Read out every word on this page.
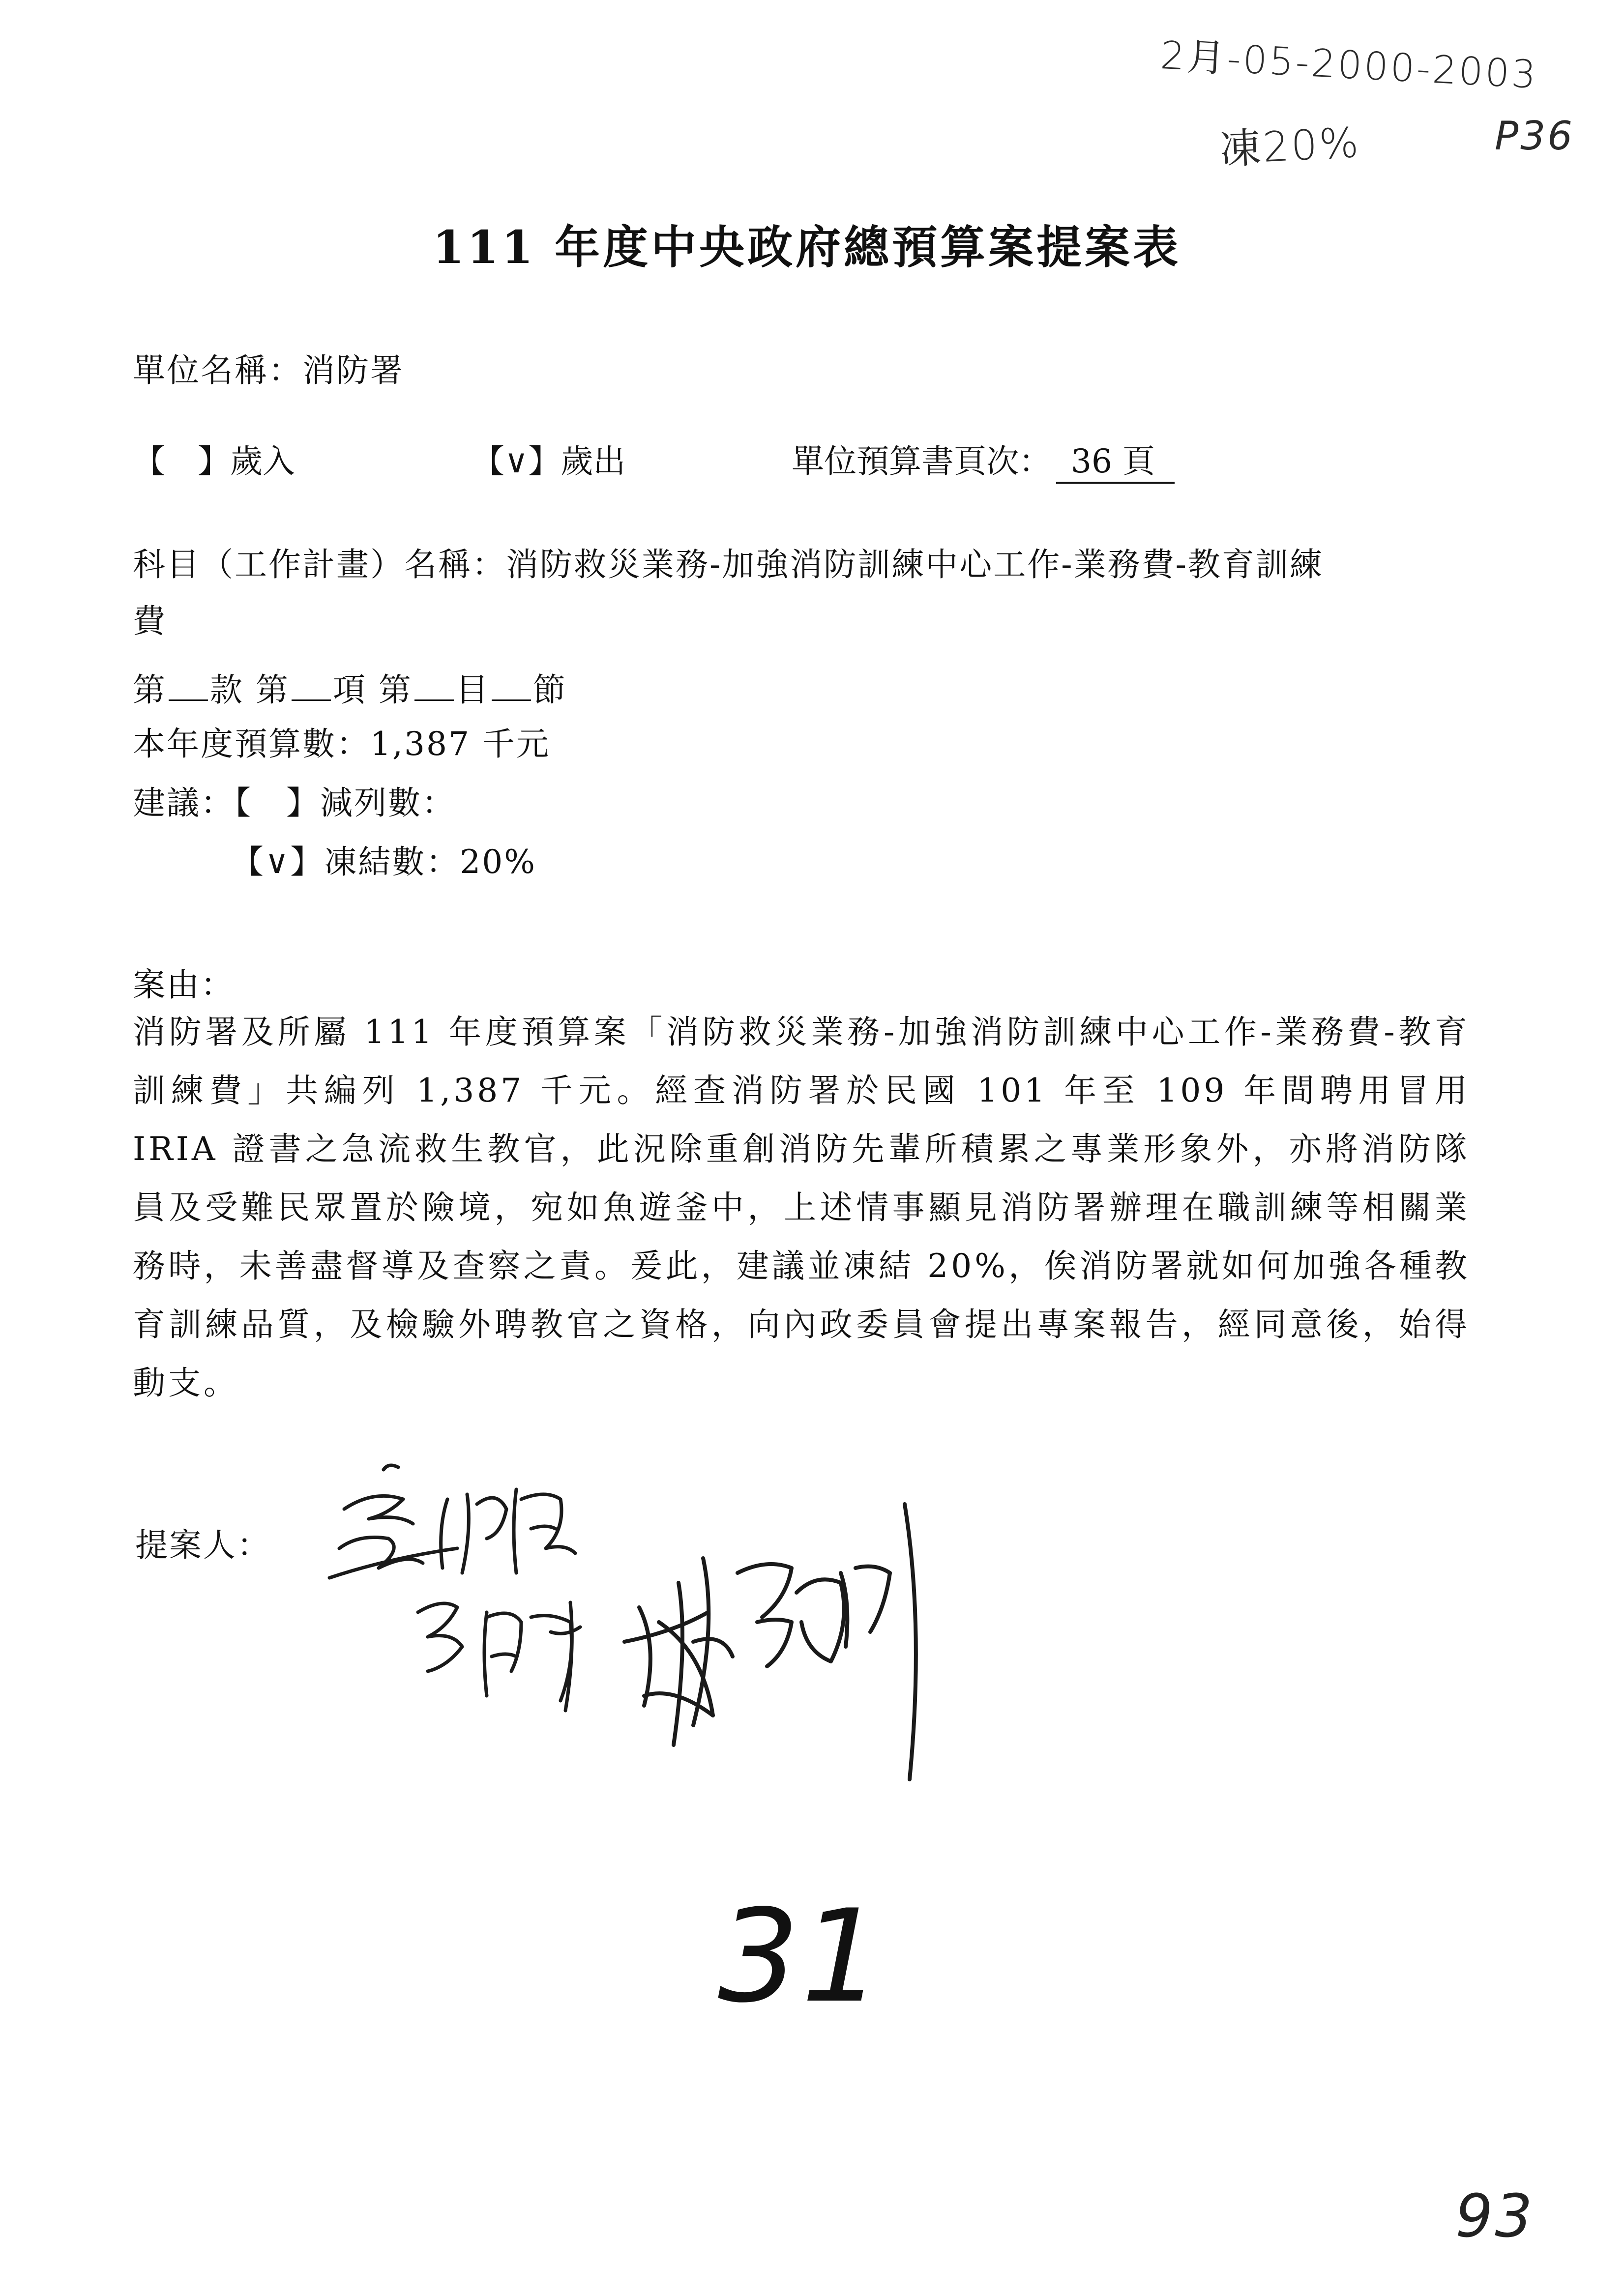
2月-05-2000-2003
凍20%	P36
111 年度中央政府總預算案提案表
單位名稱：消防署
【　】歲入	【∨】歲出	單位預算書頁次： 36 頁
科目（工作計畫）名稱：消防救災業務-加強消防訓練中心工作-業務費-教育訓練
費
第 款 第 項 第 目 節
本年度預算數：1,387 千元
建議：【　】減列數：
【∨】凍結數：20%
案由：
消防署及所屬 111 年度預算案「消防救災業務-加強消防訓練中心工作-業務費-教育訓練費」共編列 1,387 千元。經查消防署於民國 101 年至 109 年間聘用冒用 IRIA 證書之急流救生教官，此況除重創消防先輩所積累之專業形象外，亦將消防隊員及受難民眾置於險境，宛如魚遊釜中，上述情事顯見消防署辦理在職訓練等相關業務時，未善盡督導及查察之責。爰此，建議並凍結 20%，俟消防署就如何加強各種教育訓練品質，及檢驗外聘教官之資格，向內政委員會提出專案報告，經同意後，始得動支。
提案人：
31
93
